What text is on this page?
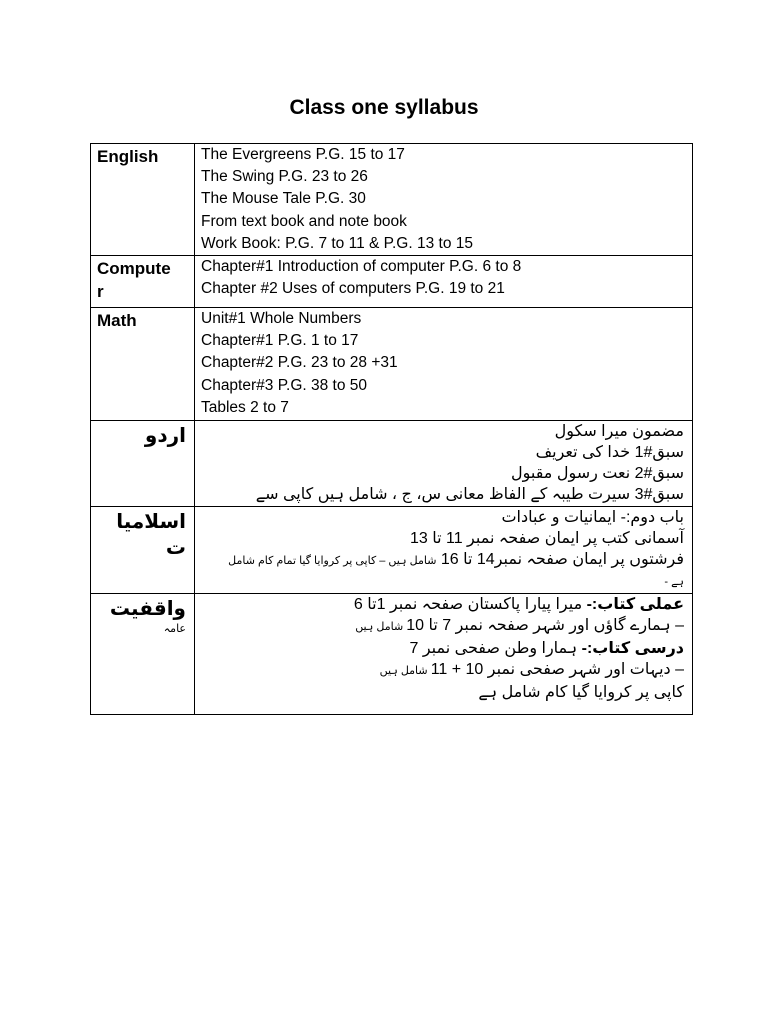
Class one syllabus
English	The Evergreens P.G. 15 to 17
The Swing P.G. 23 to 26
The Mouse Tale P.G. 30
From text book and note book
Work Book: P.G. 7 to 11 & P.G. 13 to 15

Compute
r	Chapter#1 Introduction of computer P.G. 6 to 8
Chapter #2 Uses of computers P.G. 19 to 21

Math	Unit#1 Whole Numbers
Chapter#1 P.G. 1 to 17
Chapter#2 P.G. 23 to 28 +31
Chapter#3 P.G. 38 to 50
Tables 2 to 7

اردو	مضمون میرا سکول
سبق#1 خدا کی تعریف
سبق#2 نعت رسول مقبول
سبق#3 سیرت طیبہ کے الفاظ معانی س، ج ، شامل ہیں کاپی سے

اسلامیا
ت	باب دوم:- ایمانیات و عبادات
آسمانی کتب پر ایمان صفحہ نمبر 11 تا 13
فرشتوں پر ایمان صفحہ نمبر14 تا 16 شامل ہیں – کاپی پر کروایا گیا تمام کام شامل
ہے -

واقفیت
عامہ	عملی کتاب:- میرا پیارا پاکستان صفحہ نمبر 1تا 6
– ہمارے گاؤں اور شہر صفحہ نمبر 7 تا 10 شامل ہیں
درسی کتاب:- ہمارا وطن صفحی نمبر 7
– دیہات اور شہر صفحی نمبر 10 + 11 شامل ہیں
کاپی پر کروایا گیا کام شامل ہے
